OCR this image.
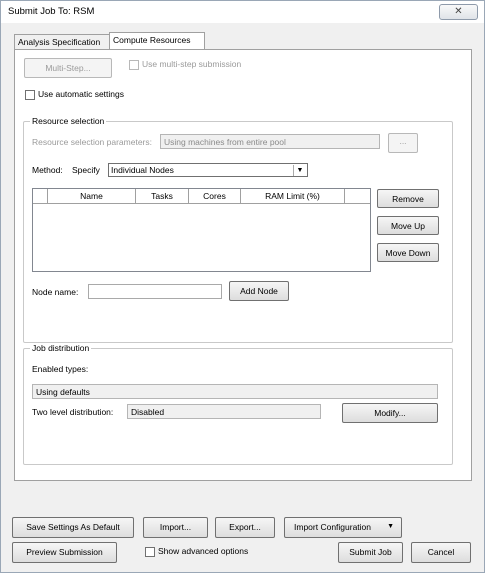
Submit Job To: RSM	✕
Analysis Specification	Compute Resources
Multi-Step...	Use multi-step submission
Use automatic settings
Resource selection
Resource selection parameters:	Using machines from entire pool	...
Method: Specify	Individual Nodes	▼
Name	Tasks	Cores	RAM Limit (%)	Remove
Move Up
Move Down
Node name:	Add Node
Job distribution
Enabled types:
Using defaults
Two level distribution:	Disabled	Modify...
Save Settings As Default	Import...	Export...	Import Configuration ▼
Preview Submission	Show advanced options	Submit Job	Cancel
